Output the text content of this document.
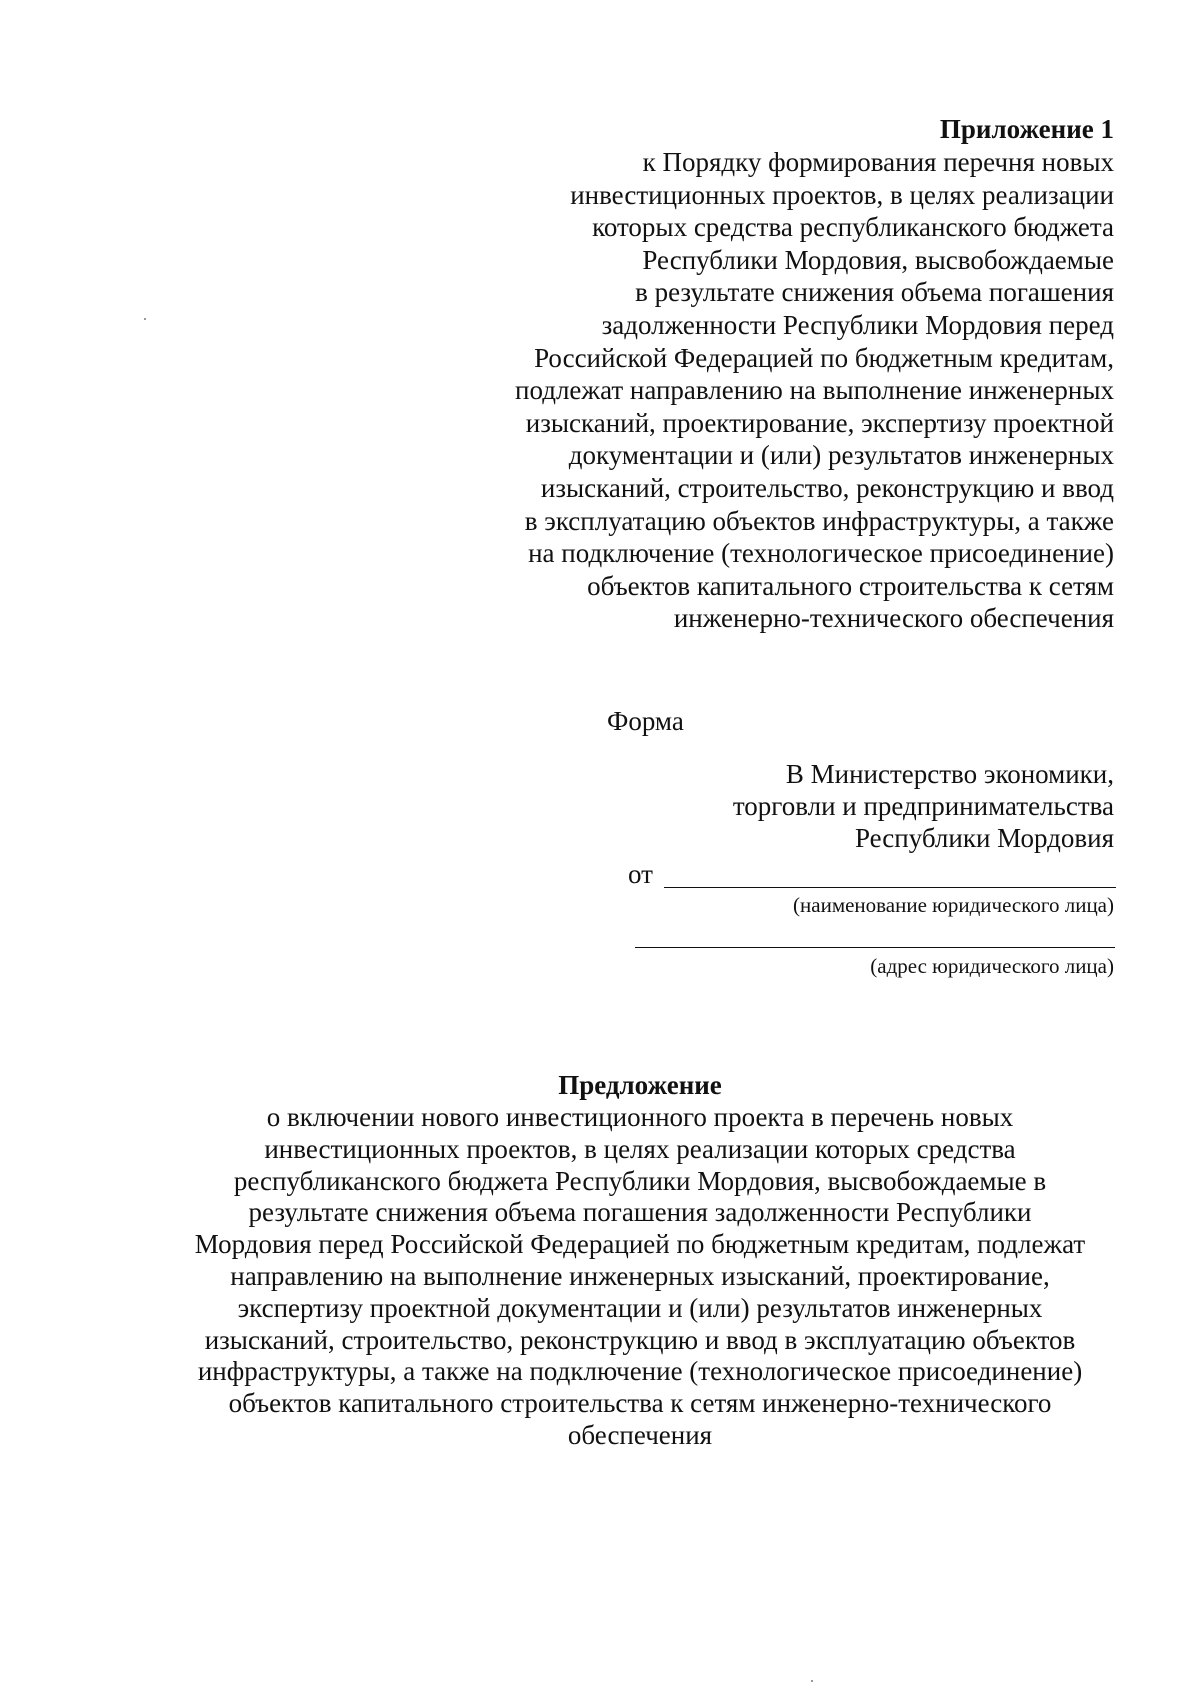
Приложение 1
к Порядку формирования перечня новых
инвестиционных проектов, в целях реализации
которых средства республиканского бюджета
Республики Мордовия, высвобождаемые
в результате снижения объема погашения
задолженности Республики Мордовия перед
Российской Федерацией по бюджетным кредитам,
подлежат направлению на выполнение инженерных
изысканий, проектирование, экспертизу проектной
документации и (или) результатов инженерных
изысканий, строительство, реконструкцию и ввод
в эксплуатацию объектов инфраструктуры, а также
на подключение (технологическое присоединение)
объектов капитального строительства к сетям
инженерно-технического обеспечения
Форма
В Министерство экономики,
торговли и предпринимательства
Республики Мордовия
от
(наименование юридического лица)
(адрес юридического лица)
Предложение
о включении нового инвестиционного проекта в перечень новых
инвестиционных проектов, в целях реализации которых средства
республиканского бюджета Республики Мордовия, высвобождаемые в
результате снижения объема погашения задолженности Республики
Мордовия перед Российской Федерацией по бюджетным кредитам, подлежат
направлению на выполнение инженерных изысканий, проектирование,
экспертизу проектной документации и (или) результатов инженерных
изысканий, строительство, реконструкцию и ввод в эксплуатацию объектов
инфраструктуры, а также на подключение (технологическое присоединение)
объектов капитального строительства к сетям инженерно-технического
обеспечения
